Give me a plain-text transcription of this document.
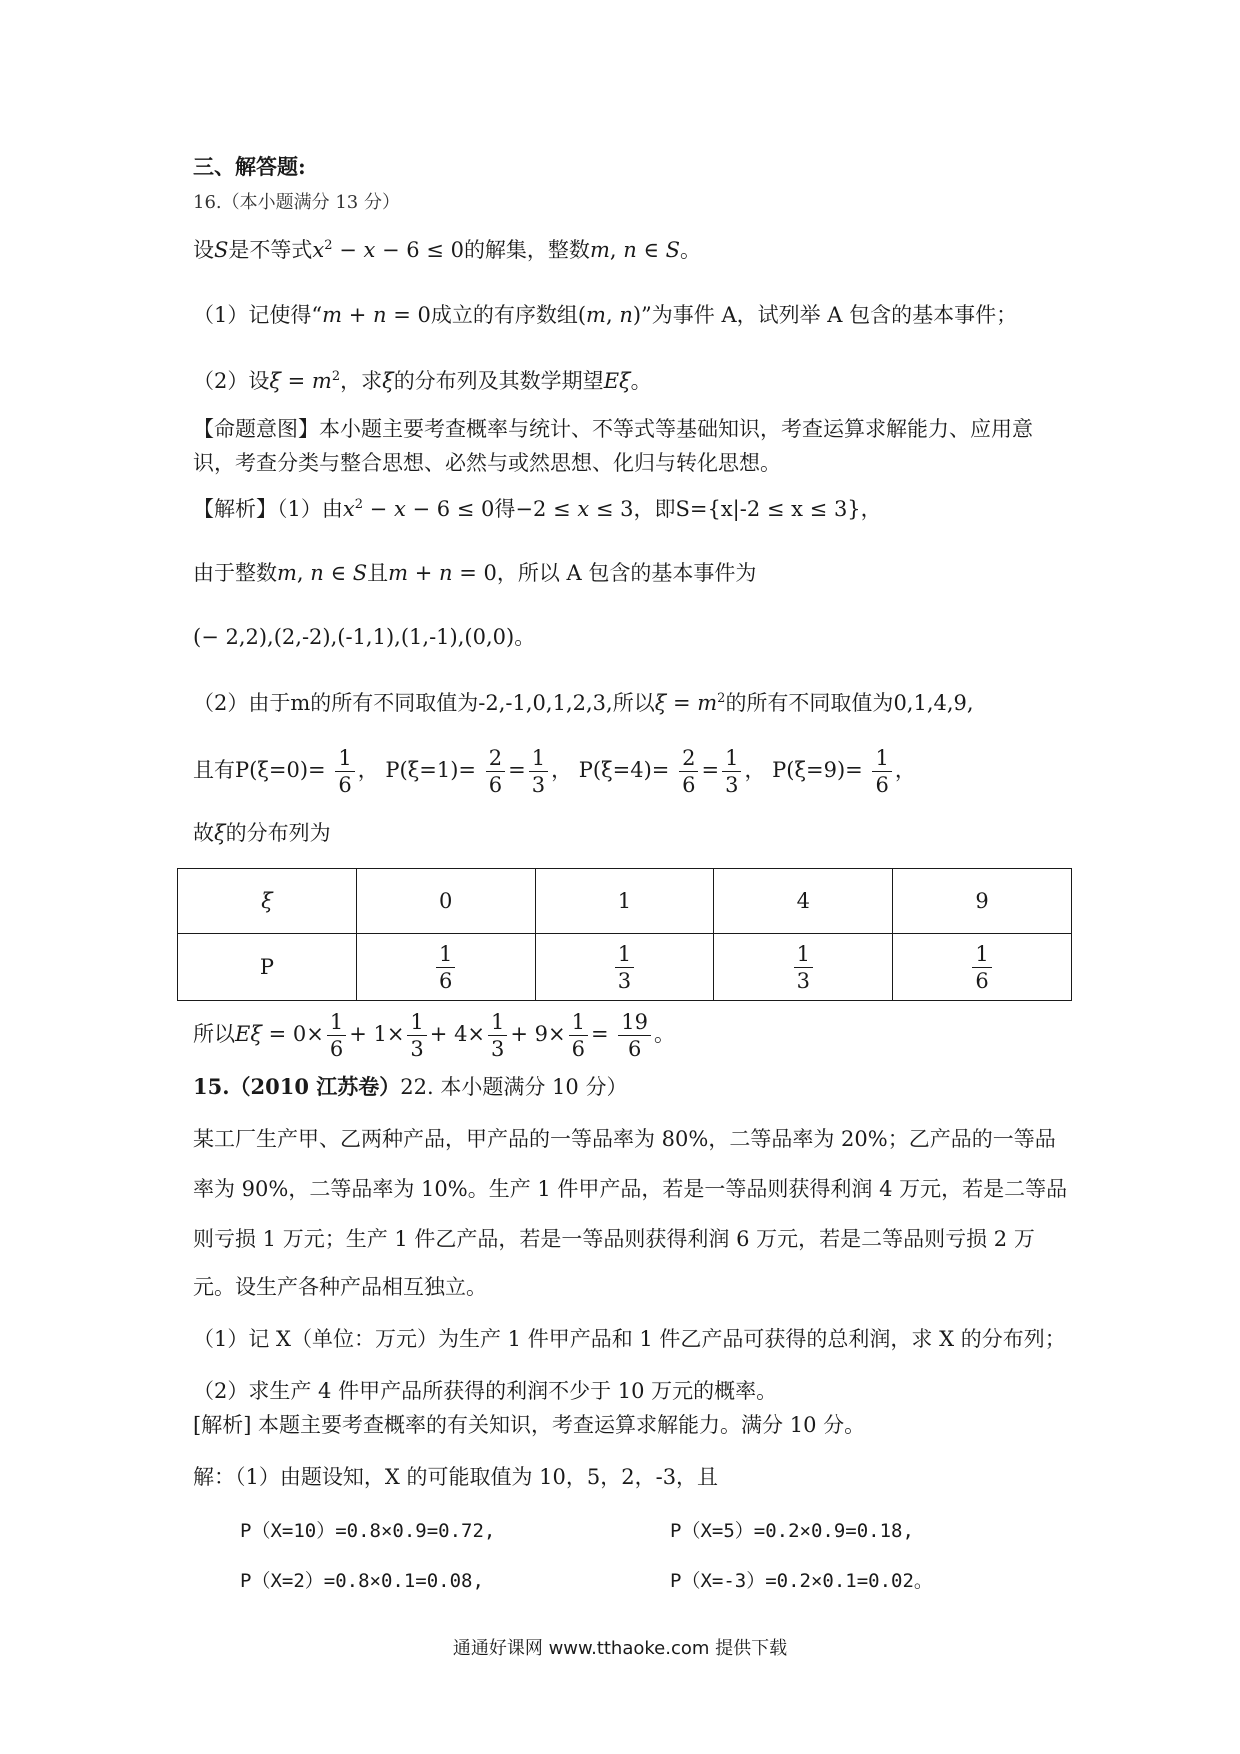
三、解答题:
16.（本小题满分 13 分）
设S是不等式$x^2 - x - 6 \le 0$的解集，整数m, n ∈ S。
（1）记使得“m + n = 0成立的有序数组(m, n)”为事件 A，试列举 A 包含的基本事件；
（2）设$\xi = m^2$，求ξ的分布列及其数学期望Eξ。
【命题意图】本小题主要考查概率与统计、不等式等基础知识，考查运算求解能力、应用意
识，考查分类与整合思想、必然与或然思想、化归与转化思想。
【解析】（1）由$x^2 - x - 6 \le 0$得−2 ≤ x ≤ 3，即S={x|-2 ≤ x ≤ 3}，
由于整数m, n ∈ S且m + n = 0，所以 A 包含的基本事件为
(− 2,2),(2,-2),(-1,1),(1,-1),(0,0)。
（2）由于m的所有不同取值为-2,-1,0,1,2,3,所以$\xi = m^2$的所有不同取值为0,1,4,9,
且有$P(\xi=0)= \frac{1}{6}$ ， $P(\xi=1)= \frac{2}{6} = \frac{1}{3}$ ， $P(\xi=4)= \frac{2}{6} = \frac{1}{3}$ ， $P(\xi=9)= \frac{1}{6}$ ，
故ξ的分布列为
ξ	0	1	4	9
P	$\frac{1}{6}$	$\frac{1}{3}$	$\frac{1}{3}$	$\frac{1}{6}$
所以$E\xi = 0\times \frac{1}{6} + 1\times \frac{1}{3} + 4\times \frac{1}{3} + 9\times \frac{1}{6} = \frac{19}{6}$ 。
15.（2010 江苏卷）22. 本小题满分 10 分）
某工厂生产甲、乙两种产品，甲产品的一等品率为 80%，二等品率为 20%；乙产品的一等品
率为 90%，二等品率为 10%。生产 1 件甲产品，若是一等品则获得利润 4 万元，若是二等品
则亏损 1 万元；生产 1 件乙产品，若是一等品则获得利润 6 万元，若是二等品则亏损 2 万
元。设生产各种产品相互独立。
（1）记 X（单位：万元）为生产 1 件甲产品和 1 件乙产品可获得的总利润，求 X 的分布列；
（2）求生产 4 件甲产品所获得的利润不少于 10 万元的概率。
[解析] 本题主要考查概率的有关知识，考查运算求解能力。满分 10 分。
解：（1）由题设知，X 的可能取值为 10，5，2，-3，且
P（X=10）=0.8×0.9=0.72,	P（X=5）=0.2×0.9=0.18,
P（X=2）=0.8×0.1=0.08,	P（X=-3）=0.2×0.1=0.02。
通通好课网 www.tthaoke.com 提供下载
